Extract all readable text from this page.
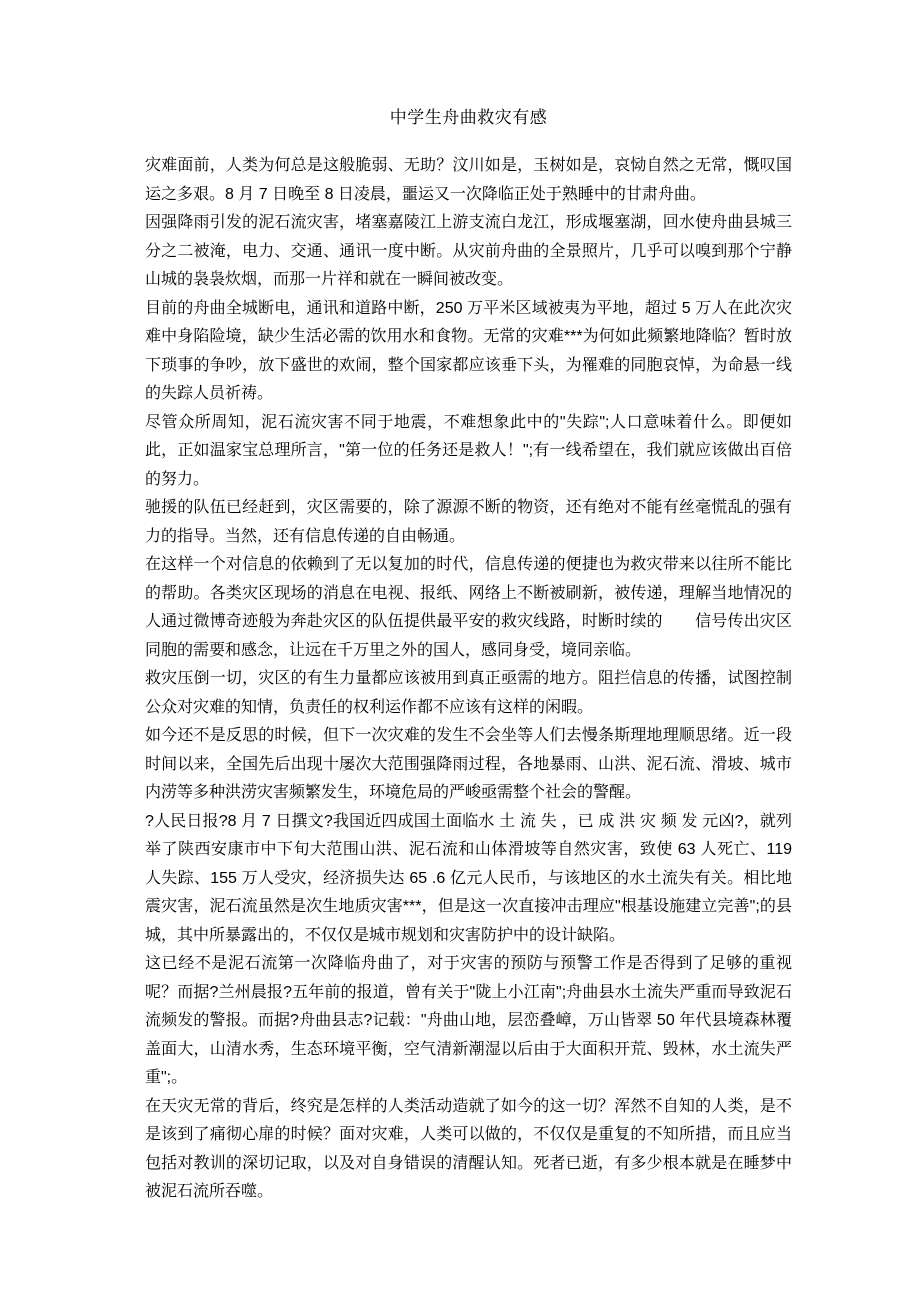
中学生舟曲救灾有感

灾难面前，人类为何总是这般脆弱、无助？汶川如是，玉树如是，哀恸自然之无常，慨叹国运之多艰。8 月 7 日晚至 8 日凌晨，噩运又一次降临正处于熟睡中的甘肃舟曲。

因强降雨引发的泥石流灾害，堵塞嘉陵江上游支流白龙江，形成堰塞湖，回水使舟曲县城三分之二被淹，电力、交通、通讯一度中断。从灾前舟曲的全景照片，几乎可以嗅到那个宁静山城的袅袅炊烟，而那一片祥和就在一瞬间被改变。

目前的舟曲全城断电，通讯和道路中断，250 万平米区域被夷为平地，超过 5 万人在此次灾难中身陷险境，缺少生活必需的饮用水和食物。无常的灾难***为何如此频繁地降临？暂时放下琐事的争吵，放下盛世的欢闹，整个国家都应该垂下头，为罹难的同胞哀悼，为命悬一线的失踪人员祈祷。

尽管众所周知，泥石流灾害不同于地震，不难想象此中的"失踪";人口意味着什么。即便如此，正如温家宝总理所言，"第一位的任务还是救人！";有一线希望在，我们就应该做出百倍的努力。

驰援的队伍已经赶到，灾区需要的，除了源源不断的物资，还有绝对不能有丝毫慌乱的强有力的指导。当然，还有信息传递的自由畅通。

在这样一个对信息的依赖到了无以复加的时代，信息传递的便捷也为救灾带来以往所不能比的帮助。各类灾区现场的消息在电视、报纸、网络上不断被刷新，被传递，理解当地情况的人通过微博奇迹般为奔赴灾区的队伍提供最平安的救灾线路，时断时续的　　信号传出灾区同胞的需要和感念，让远在千万里之外的国人，感同身受，境同亲临。

救灾压倒一切，灾区的有生力量都应该被用到真正亟需的地方。阻拦信息的传播，试图控制公众对灾难的知情，负责任的权利运作都不应该有这样的闲暇。

如今还不是反思的时候，但下一次灾难的发生不会坐等人们去慢条斯理地理顺思绪。近一段时间以来，全国先后出现十屡次大范围强降雨过程，各地暴雨、山洪、泥石流、滑坡、城市内涝等多种洪涝灾害频繁发生，环境危局的严峻亟需整个社会的警醒。

?人民日报?8 月 7 日撰文?我国近四成国土面临水 土 流 失 ，已 成 洪 灾 频 发 元凶?，就列举了陕西安康市中下旬大范围山洪、泥石流和山体滑坡等自然灾害，致使 63 人死亡、119 人失踪、155 万人受灾，经济损失达 65 .6 亿元人民币，与该地区的水土流失有关。相比地震灾害，泥石流虽然是次生地质灾害***，但是这一次直接冲击理应"根基设施建立完善";的县城，其中所暴露出的，不仅仅是城市规划和灾害防护中的设计缺陷。

这已经不是泥石流第一次降临舟曲了，对于灾害的预防与预警工作是否得到了足够的重视呢？而据?兰州晨报?五年前的报道，曾有关于"陇上小江南";舟曲县水土流失严重而导致泥石流频发的警报。而据?舟曲县志?记载："舟曲山地，层峦叠嶂，万山皆翠 50 年代县境森林覆盖面大，山清水秀，生态环境平衡，空气清新潮湿以后由于大面积开荒、毁林，水土流失严重";。

在天灾无常的背后，终究是怎样的人类活动造就了如今的这一切？浑然不自知的人类，是不是该到了痛彻心扉的时候？面对灾难，人类可以做的，不仅仅是重复的不知所措，而且应当包括对教训的深切记取，以及对自身错误的清醒认知。死者已逝，有多少根本就是在睡梦中被泥石流所吞噬。
